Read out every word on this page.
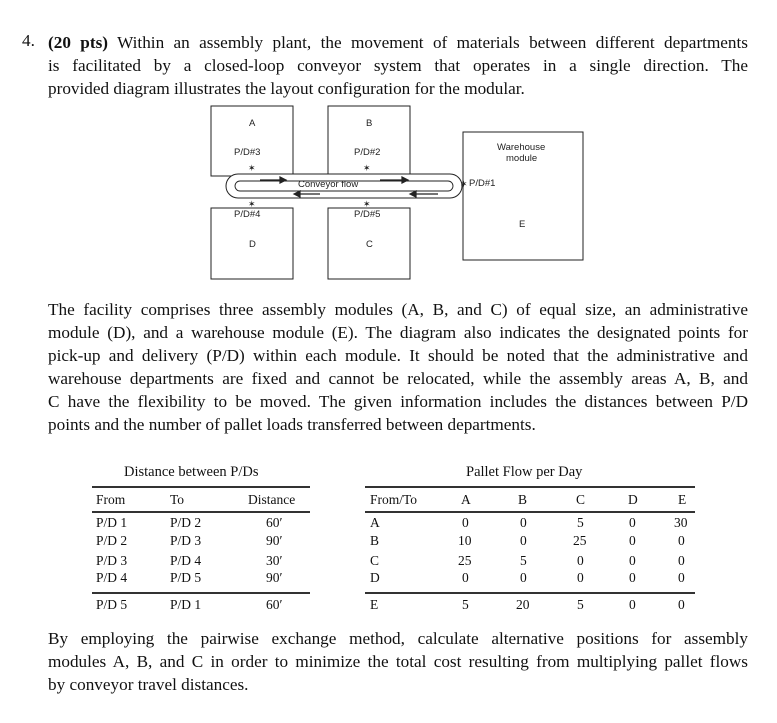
4. (20 pts) Within an assembly plant, the movement of materials between different departments
is facilitated by a closed-loop conveyor system that operates in a single direction. The
provided diagram illustrates the layout configuration for the modular.
✶	✶
✶	✶
✶
A	B
D	C
E
P/D#3	P/D#2
P/D#4	P/D#5
P/D#1
Warehouse
module
Conveyor flow
The facility comprises three assembly modules (A, B, and C) of equal size, an administrative
module (D), and a warehouse module (E). The diagram also indicates the designated points for
pick-up and delivery (P/D) within each module. It should be noted that the administrative and
warehouse departments are fixed and cannot be relocated, while the assembly areas A, B, and
C have the flexibility to be moved. The given information includes the distances between P/D
points and the number of pallet loads transferred between departments.
Distance between P/Ds
From	To	Distance
P/D 1	P/D 2	60′
P/D 2	P/D 3	90′
P/D 3	P/D 4	30′
P/D 4	P/D 5	90′
P/D 5	P/D 1	60′
Pallet Flow per Day
From/To	A	B	C	D	E
A	0	0	5	0	30
B	10	0	25	0	0
C	25	5	0	0	0
D	0	0	0	0	0
E	5	20	5	0	0
By employing the pairwise exchange method, calculate alternative positions for assembly
modules A, B, and C in order to minimize the total cost resulting from multiplying pallet flows
by conveyor travel distances.
